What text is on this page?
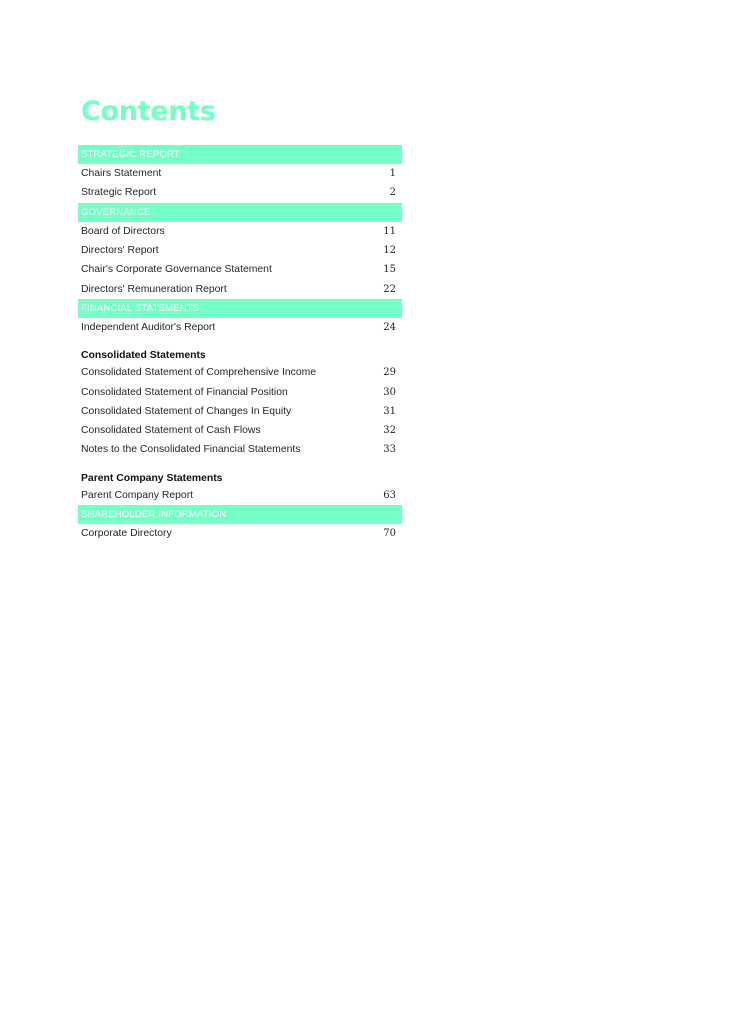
Contents
STRATEGIC REPORT
Chairs Statement	1
Strategic Report	2
GOVERNANCE
Board of Directors	11
Directors' Report	12
Chair's Corporate Governance Statement	15
Directors' Remuneration Report	22
FINANCIAL STATEMENTS
Independent Auditor's Report	24
Consolidated Statements
Consolidated Statement of Comprehensive Income	29
Consolidated Statement of Financial Position	30
Consolidated Statement of Changes In Equity	31
Consolidated Statement of Cash Flows	32
Notes to the Consolidated Financial Statements	33
Parent Company Statements
Parent Company Report	63
SHAREHOLDER INFORMATION
Corporate Directory	70
